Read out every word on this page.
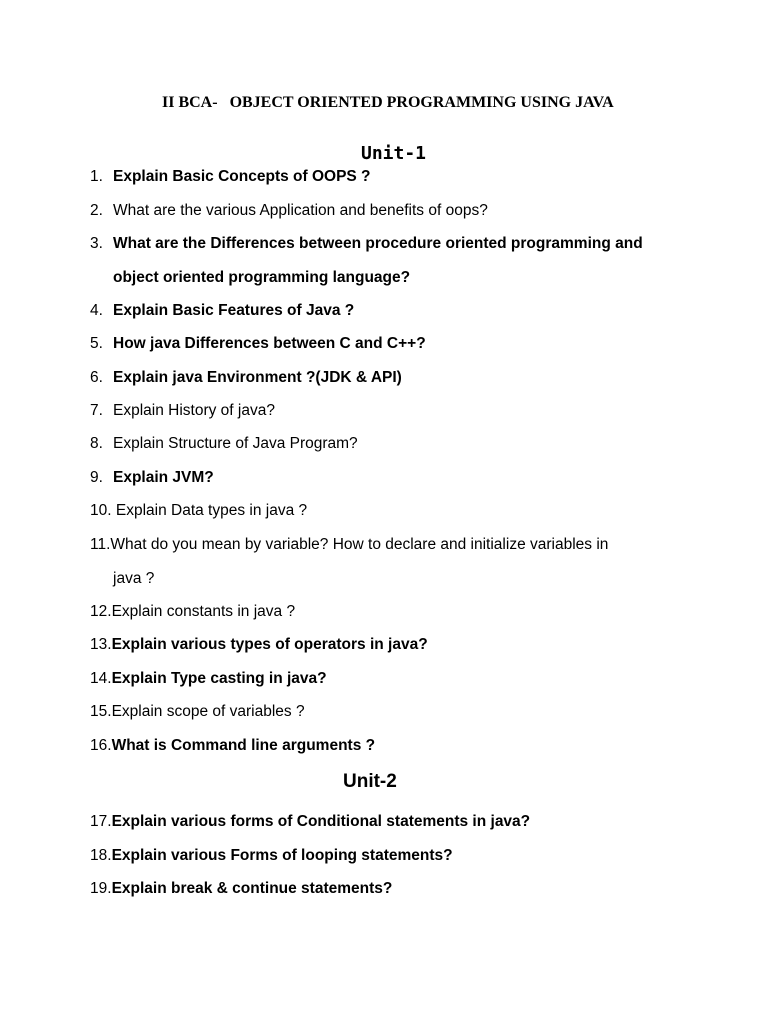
II BCA-   OBJECT ORIENTED PROGRAMMING USING JAVA
Unit-1

1. Explain Basic Concepts of OOPS ?

2. What are the various Application and benefits of oops?

3. What are the Differences between procedure oriented programming and
object oriented programming language?

4. Explain Basic Features of Java ?

5. How java Differences between C and C++?

6. Explain java Environment ?(JDK & API)

7. Explain History of java?

8. Explain Structure of Java Program?

9. Explain JVM?

10. Explain Data types in java ?

11.What do you mean by variable? How to declare and initialize variables in
java ?

12.Explain constants in java ?

13.Explain various types of operators in java?

14.Explain Type casting in java?

15.Explain scope of variables ?

16.What is Command line arguments ?

Unit-2

17.Explain various forms of Conditional statements in java?

18.Explain various Forms of looping statements?

19.Explain break & continue statements?
